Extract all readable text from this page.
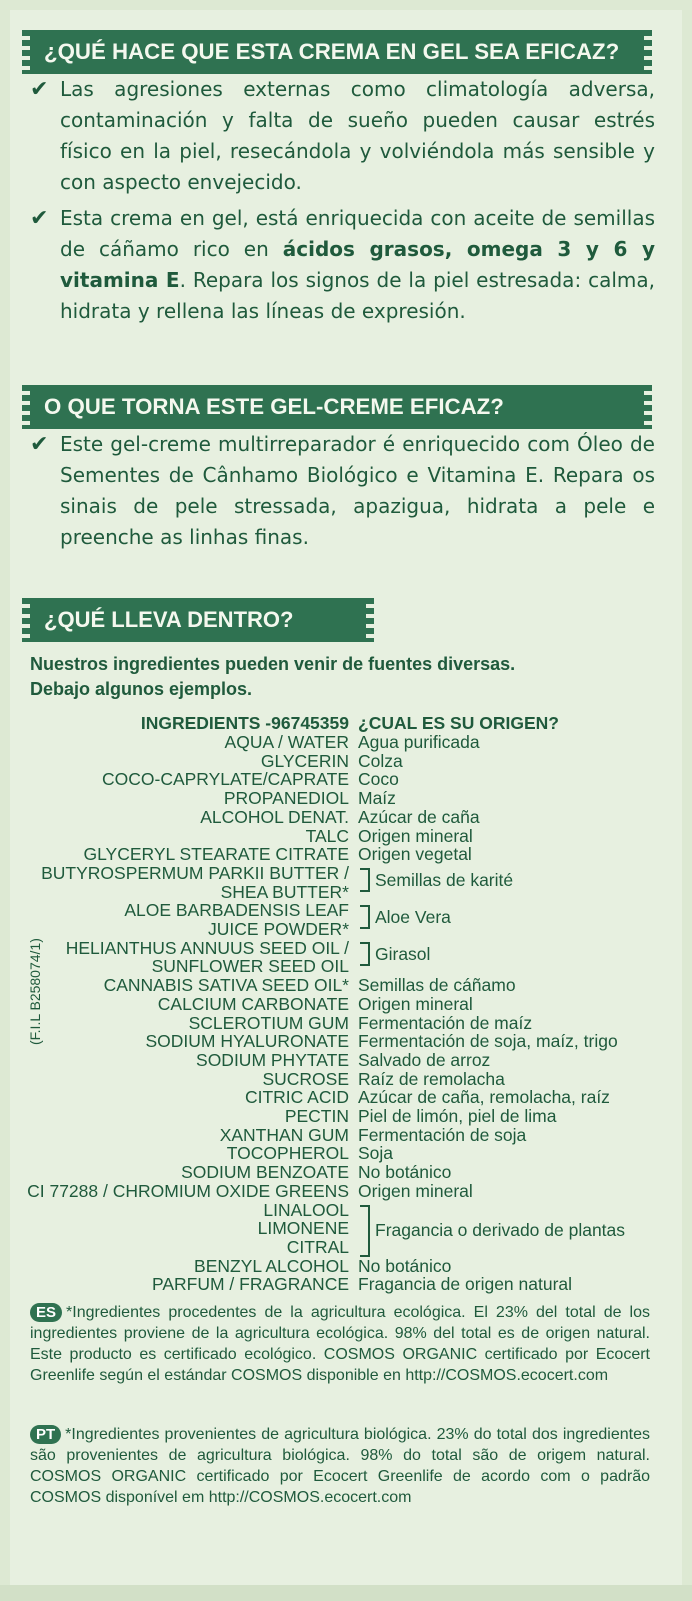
¿QUÉ HACE QUE ESTA CREMA EN GEL SEA EFICAZ?
✔ Las agresiones externas como climatología adversa, contaminación y falta de sueño pueden causar estrés físico en la piel, resecándola y volviéndola más sensible y con aspecto envejecido.
✔ Esta crema en gel, está enriquecida con aceite de semillas de cáñamo rico en ácidos grasos, omega 3 y 6 y vitamina E. Repara los signos de la piel estresada: calma, hidrata y rellena las líneas de expresión.
O QUE TORNA ESTE GEL-CREME EFICAZ?
✔ Este gel-creme multirreparador é enriquecido com Óleo de Sementes de Cânhamo Biológico e Vitamina E. Repara os sinais de pele stressada, apazigua, hidrata a pele e preenche as linhas finas.
¿QUÉ LLEVA DENTRO?
Nuestros ingredientes pueden venir de fuentes diversas.
Debajo algunos ejemplos.
(F.I.L B258074/1)
INGREDIENTS -96745359 ¿CUAL ES SU ORIGEN?
AQUA / WATER Agua purificada
GLYCERIN Colza
COCO-CAPRYLATE/CAPRATE Coco
PROPANEDIOL Maíz
ALCOHOL DENAT. Azúcar de caña
TALC Origen mineral
GLYCERYL STEARATE CITRATE Origen vegetal
BUTYROSPERMUM PARKII BUTTER /
SHEA BUTTER*
ALOE BARBADENSIS LEAF
JUICE POWDER*
HELIANTHUS ANNUUS SEED OIL /
SUNFLOWER SEED OIL
CANNABIS SATIVA SEED OIL* Semillas de cáñamo
CALCIUM CARBONATE Origen mineral
SCLEROTIUM GUM Fermentación de maíz
SODIUM HYALURONATE Fermentación de soja, maíz, trigo
SODIUM PHYTATE Salvado de arroz
SUCROSE Raíz de remolacha
CITRIC ACID Azúcar de caña, remolacha, raíz
PECTIN Piel de limón, piel de lima
XANTHAN GUM Fermentación de soja
TOCOPHEROL Soja
SODIUM BENZOATE No botánico
CI 77288 / CHROMIUM OXIDE GREENS Origen mineral
LINALOOL
LIMONENE
CITRAL
BENZYL ALCOHOL No botánico
PARFUM / FRAGRANCE Fragancia de origen natural
Semillas de karité
Aloe Vera
Girasol
Fragancia o derivado de plantas
ES *Ingredientes procedentes de la agricultura ecológica. El 23% del total de los ingredientes proviene de la agricultura ecológica. 98% del total es de origen natural. Este producto es certificado ecológico. COSMOS ORGANIC certificado por Ecocert Greenlife según el estándar COSMOS disponible en http://COSMOS.ecocert.com
PT *Ingredientes provenientes de agricultura biológica. 23% do total dos ingredientes são provenientes de agricultura biológica. 98% do total são de origem natural. COSMOS ORGANIC certificado por Ecocert Greenlife de acordo com o padrão COSMOS disponível em http://COSMOS.ecocert.com
